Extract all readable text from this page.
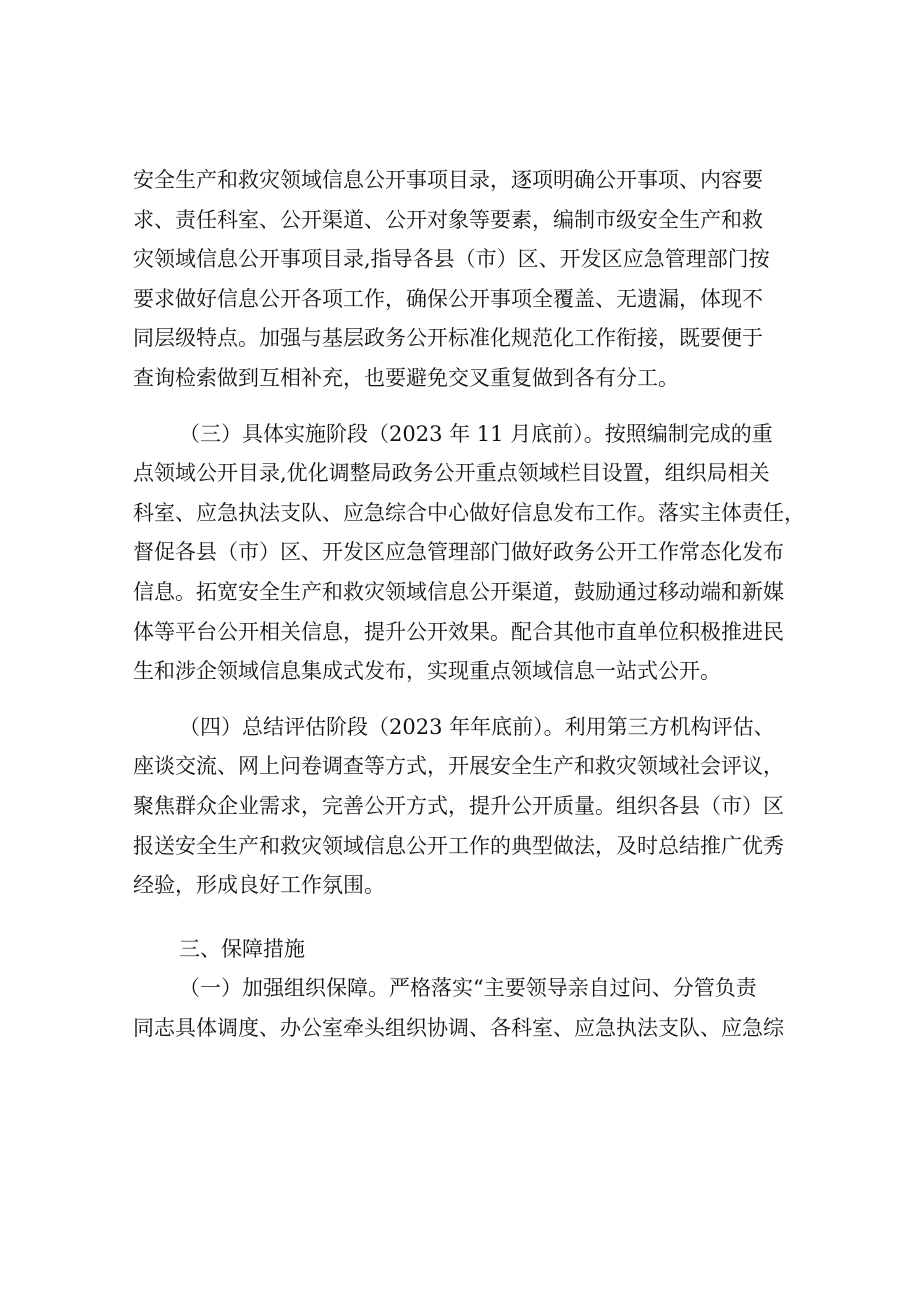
安全生产和救灾领域信息公开事项目录，逐项明确公开事项、内容要
求、责任科室、公开渠道、公开对象等要素，编制市级安全生产和救
灾领域信息公开事项目录,指导各县（市）区、开发区应急管理部门按
要求做好信息公开各项工作，确保公开事项全覆盖、无遗漏，体现不
同层级特点。加强与基层政务公开标准化规范化工作衔接，既要便于
查询检索做到互相补充，也要避免交叉重复做到各有分工。
（三）具体实施阶段（2023 年 11 月底前）。按照编制完成的重
点领域公开目录,优化调整局政务公开重点领域栏目设置，组织局相关
科室、应急执法支队、应急综合中心做好信息发布工作。落实主体责任，
督促各县（市）区、开发区应急管理部门做好政务公开工作常态化发布
信息。拓宽安全生产和救灾领域信息公开渠道，鼓励通过移动端和新媒
体等平台公开相关信息，提升公开效果。配合其他市直单位积极推进民
生和涉企领域信息集成式发布，实现重点领域信息一站式公开。
（四）总结评估阶段（2023 年年底前）。利用第三方机构评估、
座谈交流、网上问卷调查等方式，开展安全生产和救灾领域社会评议，
聚焦群众企业需求，完善公开方式，提升公开质量。组织各县（市）区
报送安全生产和救灾领域信息公开工作的典型做法，及时总结推广优秀
经验，形成良好工作氛围。
三、保障措施
（一）加强组织保障。严格落实“主要领导亲自过问、分管负责
同志具体调度、办公室牵头组织协调、各科室、应急执法支队、应急综
